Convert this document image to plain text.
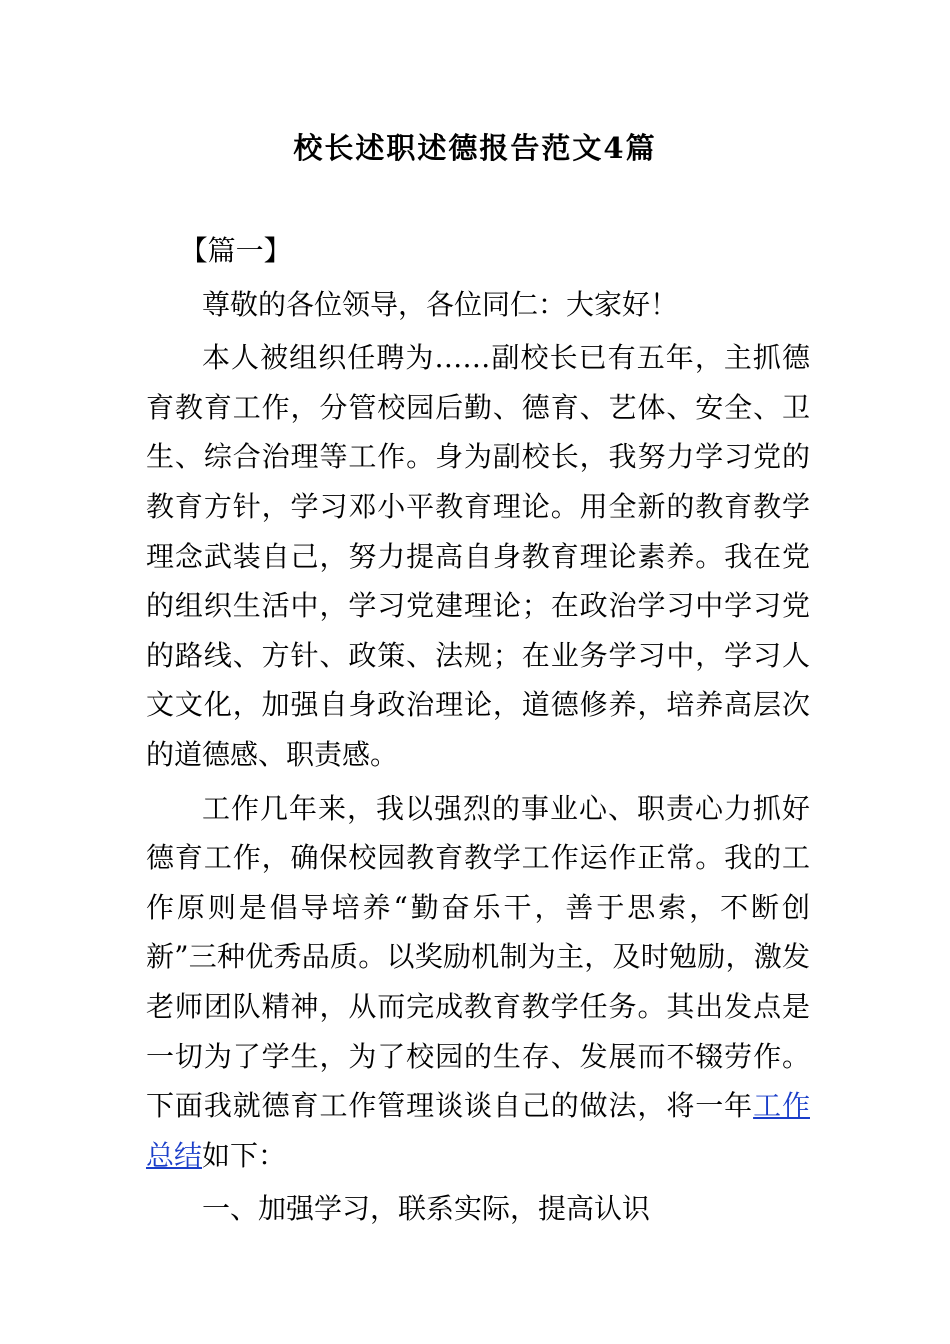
校长述职述德报告范文4篇

【篇一】

尊敬的各位领导，各位同仁：大家好！

本人被组织任聘为……副校长已有五年，主抓德育教育工作，分管校园后勤、德育、艺体、安全、卫生、综合治理等工作。身为副校长，我努力学习党的教育方针，学习邓小平教育理论。用全新的教育教学理念武装自己，努力提高自身教育理论素养。我在党的组织生活中，学习党建理论；在政治学习中学习党的路线、方针、政策、法规；在业务学习中，学习人文文化，加强自身政治理论，道德修养，培养高层次的道德感、职责感。

工作几年来，我以强烈的事业心、职责心力抓好德育工作，确保校园教育教学工作运作正常。我的工作原则是倡导培养“勤奋乐干，善于思索，不断创新”三种优秀品质。以奖励机制为主，及时勉励，激发老师团队精神，从而完成教育教学任务。其出发点是一切为了学生，为了校园的生存、发展而不辍劳作。下面我就德育工作管理谈谈自己的做法，将一年工作总结如下：

一、加强学习，联系实际，提高认识
